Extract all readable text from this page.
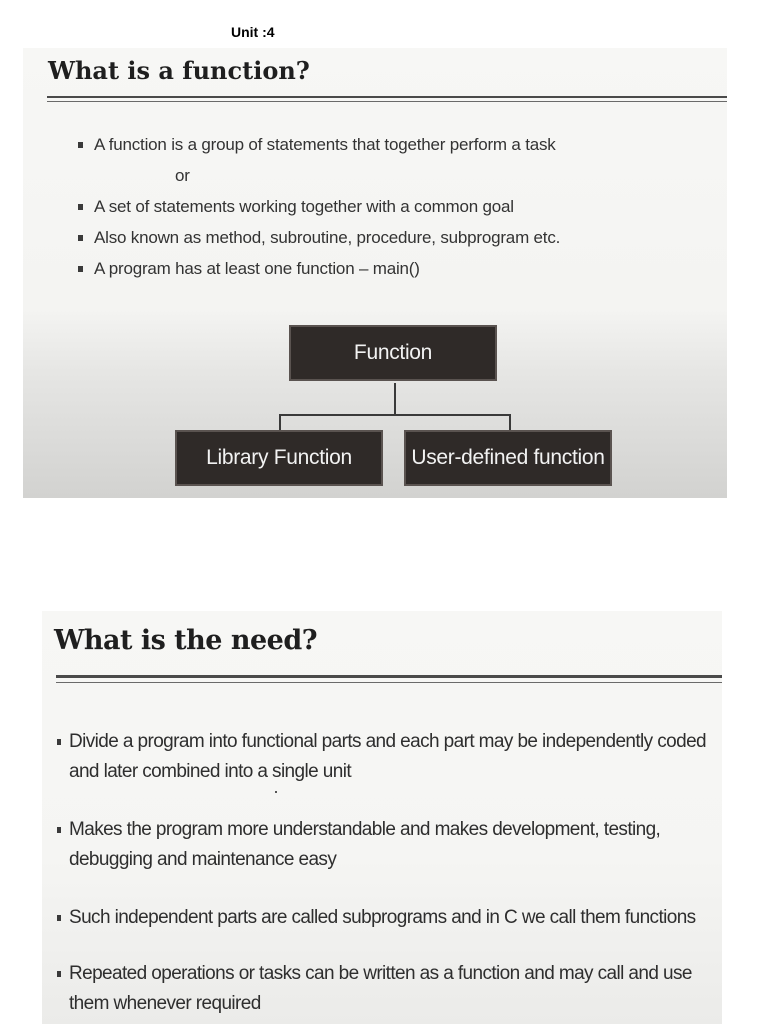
Unit :4
What is a function?
A function is a group of statements that together perform a task
or
A set of statements working together with a common goal
Also known as method, subroutine, procedure, subprogram etc.
A program has at least one function – main()
Function
Library Function	User-defined function
What is the need?
Divide a program into functional parts and each part may be independently coded and later combined into a single unit
Makes the program more understandable and makes development, testing, debugging and maintenance easy
Such independent parts are called subprograms and in C we call them functions
Repeated operations or tasks can be written as a function and may call and use them whenever required
